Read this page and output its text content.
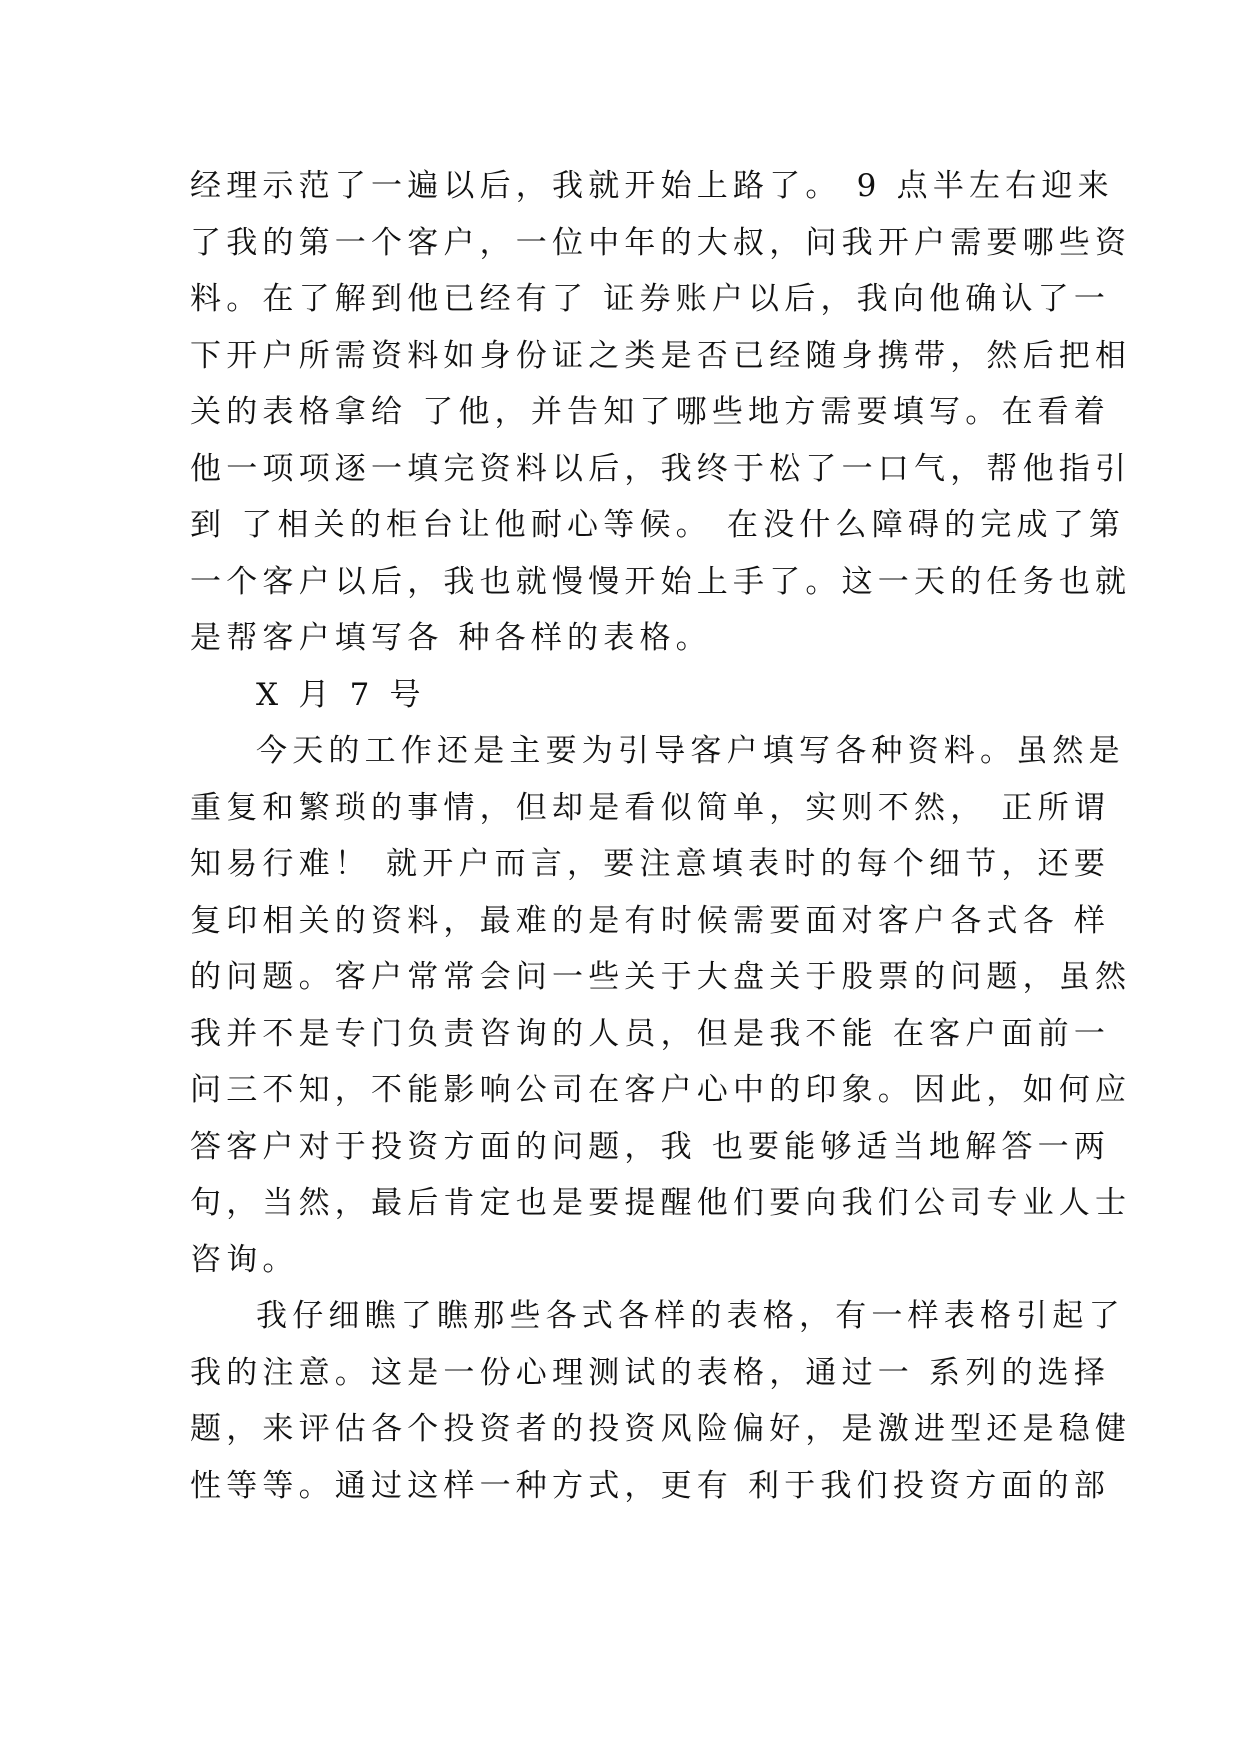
经理示范了一遍以后，我就开始上路了。 9 点半左右迎来
了我的第一个客户，一位中年的大叔，问我开户需要哪些资
料。在了解到他已经有了 证券账户以后，我向他确认了一
下开户所需资料如身份证之类是否已经随身携带，然后把相
关的表格拿给 了他，并告知了哪些地方需要填写。在看着
他一项项逐一填完资料以后，我终于松了一口气，帮他指引
到 了相关的柜台让他耐心等候。 在没什么障碍的完成了第
一个客户以后，我也就慢慢开始上手了。这一天的任务也就
是帮客户填写各 种各样的表格。
X 月 7 号
今天的工作还是主要为引导客户填写各种资料。虽然是
重复和繁琐的事情，但却是看似简单，实则不然， 正所谓
知易行难！ 就开户而言，要注意填表时的每个细节，还要
复印相关的资料，最难的是有时候需要面对客户各式各 样
的问题。客户常常会问一些关于大盘关于股票的问题，虽然
我并不是专门负责咨询的人员，但是我不能 在客户面前一
问三不知，不能影响公司在客户心中的印象。因此，如何应
答客户对于投资方面的问题，我 也要能够适当地解答一两
句，当然，最后肯定也是要提醒他们要向我们公司专业人士
咨询。
我仔细瞧了瞧那些各式各样的表格，有一样表格引起了
我的注意。这是一份心理测试的表格，通过一 系列的选择
题，来评估各个投资者的投资风险偏好，是激进型还是稳健
性等等。通过这样一种方式，更有 利于我们投资方面的部
